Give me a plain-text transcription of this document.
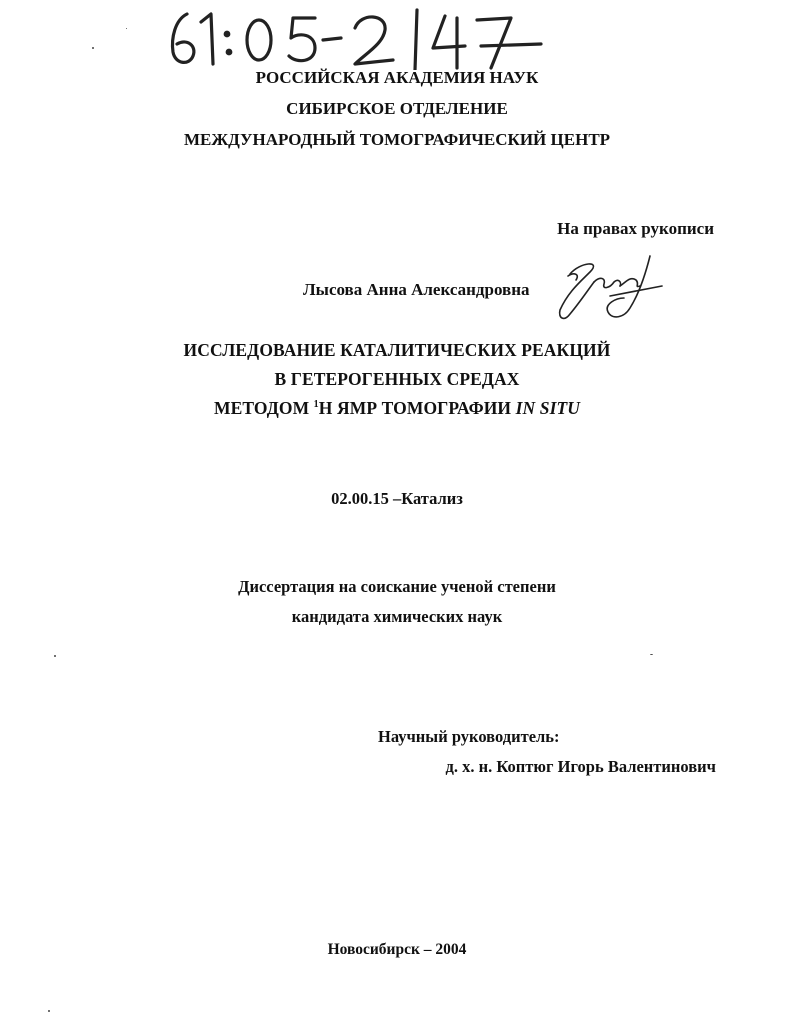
РОССИЙСКАЯ АКАДЕМИЯ НАУК
СИБИРСКОЕ ОТДЕЛЕНИЕ
МЕЖДУНАРОДНЫЙ ТОМОГРАФИЧЕСКИЙ ЦЕНТР
На правах рукописи
Лысова Анна Александровна
ИССЛЕДОВАНИЕ КАТАЛИТИЧЕСКИХ РЕАКЦИЙ
В ГЕТЕРОГЕННЫХ СРЕДАХ
МЕТОДОМ $^1$Н ЯМР ТОМОГРАФИИ IN SITU
02.00.15 –Катализ
Диссертация на соискание ученой степени
кандидата химических наук
Научный руководитель:
д. х. н. Коптюг Игорь Валентинович
Новосибирск – 2004
